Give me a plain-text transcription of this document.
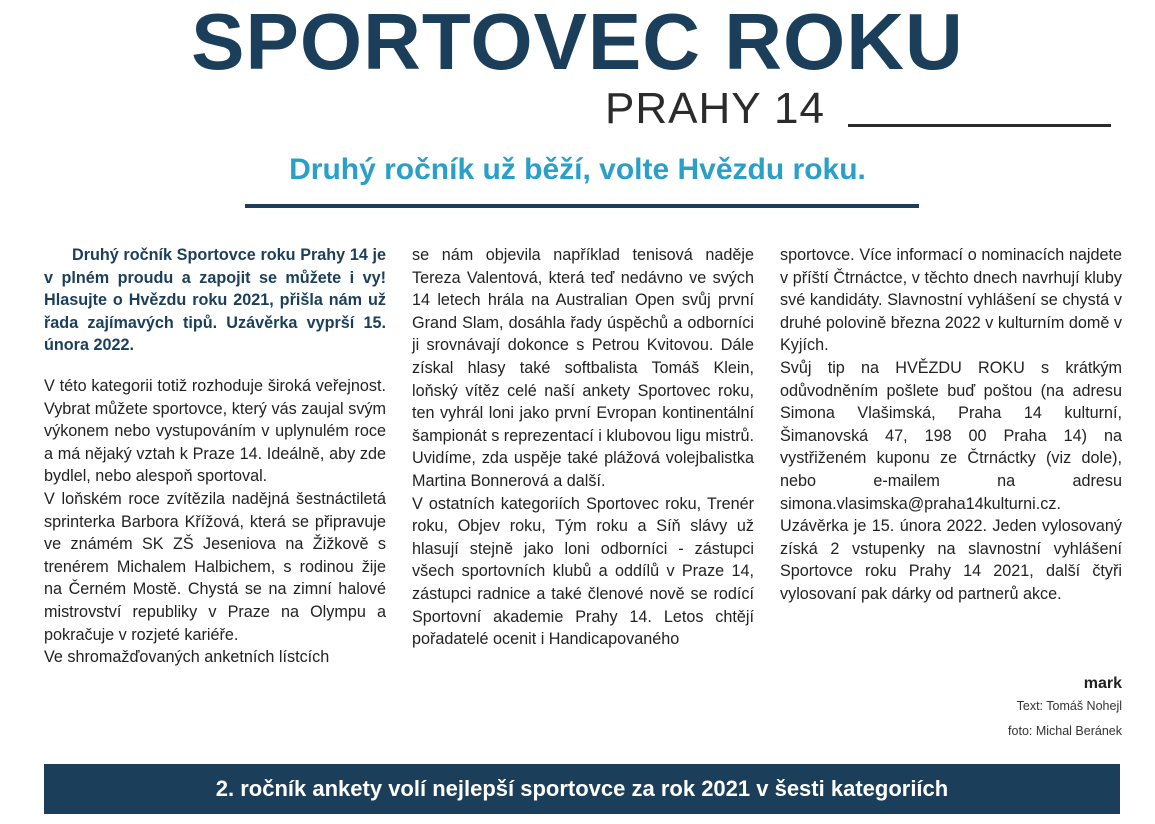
SPORTOVEC ROKU
PRAHY 14
Druhý ročník už běží, volte Hvězdu roku.

Druhý ročník Sportovce roku Prahy 14 je v plném proudu a zapojit se můžete i vy! Hlasujte o Hvězdu roku 2021, přišla nám už řada zajímavých tipů. Uzávěrka vyprší 15. února 2022.

V této kategorii totiž rozhoduje široká veřejnost. Vybrat můžete sportovce, který vás zaujal svým výkonem nebo vystupováním v uplynulém roce a má nějaký vztah k Praze 14. Ideálně, aby zde bydlel, nebo alespoň sportoval.

V loňském roce zvítězila nadějná šestnáctiletá sprinterka Barbora Křížová, která se připravuje ve známém SK ZŠ Jeseniova na Žižkově s trenérem Michalem Halbichem, s rodinou žije na Černém Mostě. Chystá se na zimní halové mistrovství republiky v Praze na Olympu a pokračuje v rozjeté kariéře.

Ve shromažďovaných anketních lístcích

se nám objevila například tenisová naděje Tereza Valentová, která teď nedávno ve svých 14 letech hrála na Australian Open svůj první Grand Slam, dosáhla řady úspěchů a odborníci ji srovnávají dokonce s Petrou Kvitovou. Dále získal hlasy také softbalista Tomáš Klein, loňský vítěz celé naší ankety Sportovec roku, ten vyhrál loni jako první Evropan kontinentální šampionát s reprezentací i klubovou ligu mistrů. Uvidíme, zda uspěje také plážová volejbalistka Martina Bonnerová a další.

V ostatních kategoriích Sportovec roku, Trenér roku, Objev roku, Tým roku a Síň slávy už hlasují stejně jako loni odborníci - zástupci všech sportovních klubů a oddílů v Praze 14, zástupci radnice a také členové nově se rodící Sportovní akademie Prahy 14. Letos chtějí pořadatelé ocenit i Handicapovaného

sportovce. Více informací o nominacích najdete v příští Čtrnáctce, v těchto dnech navrhují kluby své kandidáty. Slavnostní vyhlášení se chystá v druhé polovině března 2022 v kulturním domě v Kyjích.

Svůj tip na HVĚZDU ROKU s krátkým odůvodněním pošlete buď poštou (na adresu Simona Vlašimská, Praha 14 kulturní, Šimanovská 47, 198 00 Praha 14) na vystřiženém kuponu ze Čtrnáctky (viz dole), nebo e-mailem na adresu simona.vlasimska@praha14kulturni.cz. Uzávěrka je 15. února 2022. Jeden vylosovaný získá 2 vstupenky na slavnostní vyhlášení Sportovce roku Prahy 14 2021, další čtyři vylosovaní pak dárky od partnerů akce.

mark
Text: Tomáš Nohejl
foto: Michal Beránek
2. ročník ankety volí nejlepší sportovce za rok 2021 v šesti kategoriích
